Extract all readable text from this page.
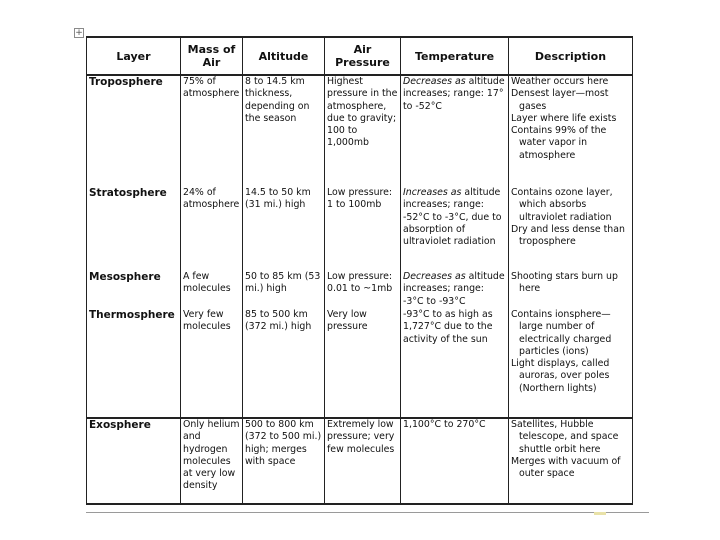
+
Layer	Mass of Air	Altitude	Air Pressure	Temperature	Description
Troposphere	75% of atmosphere	8 to 14.5 km thickness, depending on the season	Highest pressure in the atmosphere, due to gravity; 100 to 1,000mb	Decreases as altitude increases; range: 17° to -52°C	Weather occurs here
Densest layer—most gases
Layer where life exists
Contains 99% of the water vapor in atmosphere

Stratosphere	24% of atmosphere	14.5 to 50 km (31 mi.) high	Low pressure: 1 to 100mb	Increases as altitude increases; range: -52°C to -3°C, due to absorption of ultraviolet radiation	Contains ozone layer, which absorbs ultraviolet radiation
Dry and less dense than troposphere

Mesosphere	A few molecules	50 to 85 km (53 mi.) high	Low pressure: 0.01 to ~1mb	Decreases as altitude increases; range: -3°C to -93°C	Shooting stars burn up here

Thermosphere	Very few molecules	85 to 500 km (372 mi.) high	Very low pressure	-93°C to as high as 1,727°C due to the activity of the sun	Contains ionsphere—large number of electrically charged particles (ions)
Light displays, called auroras, over poles (Northern lights)

Exosphere	Only helium and hydrogen molecules at very low density	500 to 800 km (372 to 500 mi.) high; merges with space	Extremely low pressure; very few molecules	1,100°C to 270°C	Satellites, Hubble telescope, and space shuttle orbit here
Merges with vacuum of outer space
